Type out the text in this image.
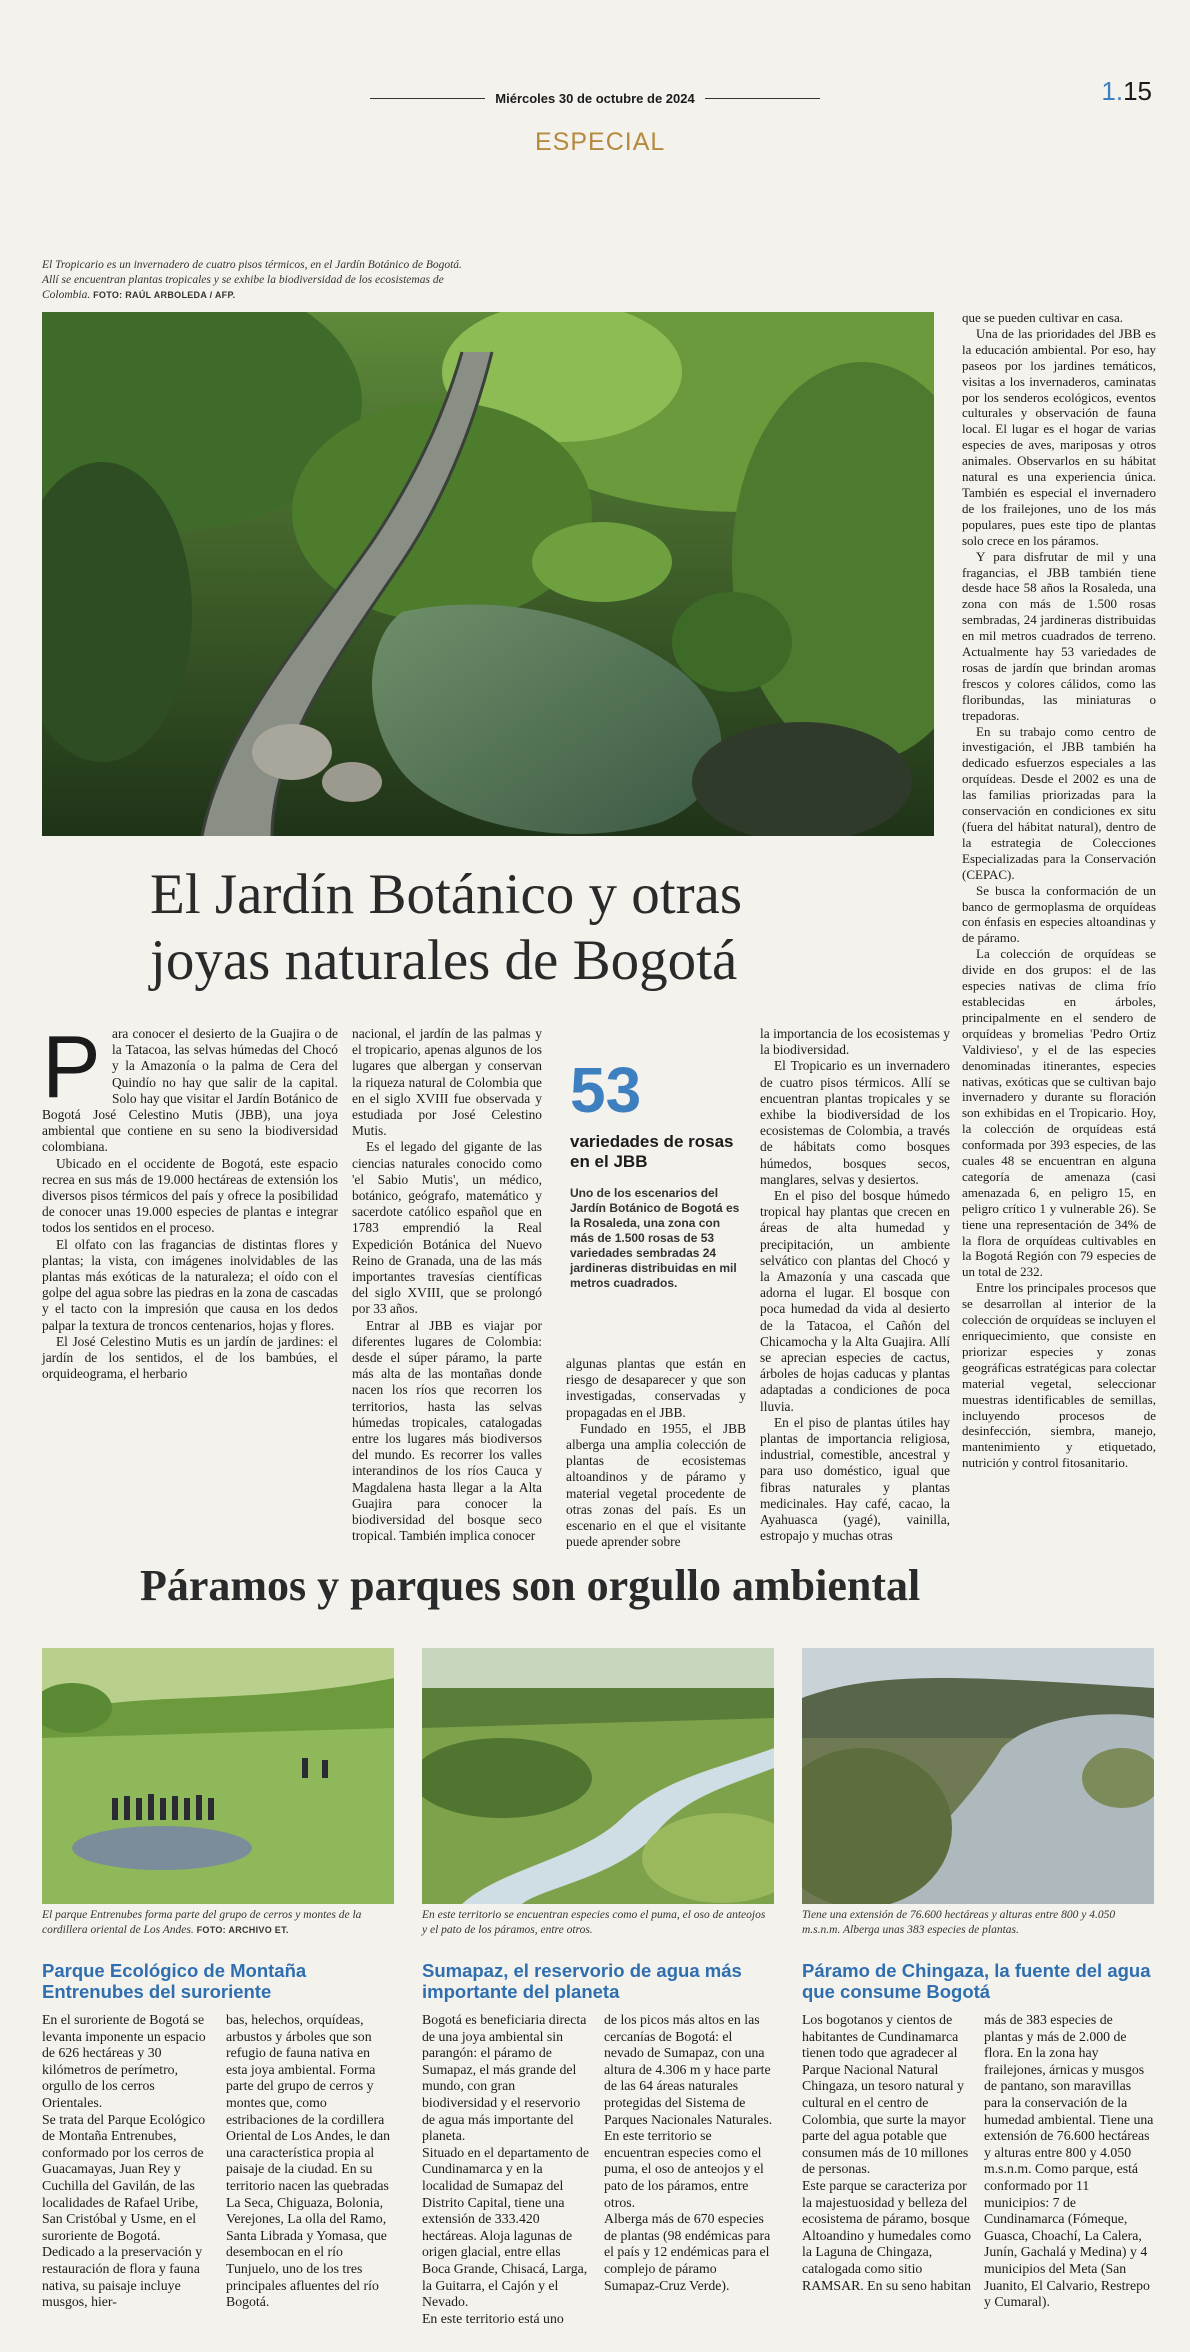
Miércoles 30 de octubre de 2024	1.15
ESPECIAL
El Tropicario es un invernadero de cuatro pisos térmicos, en el Jardín Botánico de Bogotá. Allí se encuentran plantas tropicales y se exhibe la biodiversidad de los ecosistemas de Colombia. FOTO: RAÚL ARBOLEDA / AFP.
El Jardín Botánico y otras joyas naturales de Bogotá
P ara conocer el desierto de la Guajira o de la Tatacoa, las selvas húmedas del Chocó y la Amazonía o la palma de Cera del Quindío no hay que salir de la capital. Solo hay que visitar el Jardín Botánico de Bogotá José Celestino Mutis (JBB), una joya ambiental que contiene en su seno la biodiversidad colombiana.

Ubicado en el occidente de Bogotá, este espacio recrea en sus más de 19.000 hectáreas de extensión los diversos pisos térmicos del país y ofrece la posibilidad de conocer unas 19.000 especies de plantas e integrar todos los sentidos en el proceso.

El olfato con las fragancias de distintas flores y plantas; la vista, con imágenes inolvidables de las plantas más exóticas de la naturaleza; el oído con el golpe del agua sobre las piedras en la zona de cascadas y el tacto con la impresión que causa en los dedos palpar la textura de troncos centenarios, hojas y flores.

El José Celestino Mutis es un jardín de jardines: el jardín de los sentidos, el de los bambúes, el orquideograma, el herbario

nacional, el jardín de las palmas y el tropicario, apenas algunos de los lugares que albergan y conservan la riqueza natural de Colombia que en el siglo XVIII fue observada y estudiada por José Celestino Mutis.

Es el legado del gigante de las ciencias naturales conocido como 'el Sabio Mutis', un médico, botánico, geógrafo, matemático y sacerdote católico español que en 1783 emprendió la Real Expedición Botánica del Nuevo Reino de Granada, una de las más importantes travesías científicas del siglo XVIII, que se prolongó por 33 años.

Entrar al JBB es viajar por diferentes lugares de Colombia: desde el súper páramo, la parte más alta de las montañas donde nacen los ríos que recorren los territorios, hasta las selvas húmedas tropicales, catalogadas entre los lugares más biodiversos del mundo. Es recorrer los valles interandinos de los ríos Cauca y Magdalena hasta llegar a la Alta Guajira para conocer la biodiversidad del bosque seco tropical. También implica conocer

53
variedades de rosas en el JBB
Uno de los escenarios del Jardín Botánico de Bogotá es la Rosaleda, una zona con más de 1.500 rosas de 53 variedades sembradas 24 jardineras distribuidas en mil metros cuadrados.

algunas plantas que están en riesgo de desaparecer y que son investigadas, conservadas y propagadas en el JBB.

Fundado en 1955, el JBB alberga una amplia colección de plantas de ecosistemas altoandinos y de páramo y material vegetal procedente de otras zonas del país. Es un escenario en el que el visitante puede aprender sobre

la importancia de los ecosistemas y la biodiversidad.

El Tropicario es un invernadero de cuatro pisos térmicos. Allí se encuentran plantas tropicales y se exhibe la biodiversidad de los ecosistemas de Colombia, a través de hábitats como bosques húmedos, bosques secos, manglares, selvas y desiertos.

En el piso del bosque húmedo tropical hay plantas que crecen en áreas de alta humedad y precipitación, un ambiente selvático con plantas del Chocó y la Amazonía y una cascada que adorna el lugar. El bosque con poca humedad da vida al desierto de la Tatacoa, el Cañón del Chicamocha y la Alta Guajira. Allí se aprecian especies de cactus, árboles de hojas caducas y plantas adaptadas a condiciones de poca lluvia.

En el piso de plantas útiles hay plantas de importancia religiosa, industrial, comestible, ancestral y para uso doméstico, igual que fibras naturales y plantas medicinales. Hay café, cacao, la Ayahuasca (yagé), vainilla, estropajo y muchas otras

que se pueden cultivar en casa.

Una de las prioridades del JBB es la educación ambiental. Por eso, hay paseos por los jardines temáticos, visitas a los invernaderos, caminatas por los senderos ecológicos, eventos culturales y observación de fauna local. El lugar es el hogar de varias especies de aves, mariposas y otros animales. Observarlos en su hábitat natural es una experiencia única. También es especial el invernadero de los frailejones, uno de los más populares, pues este tipo de plantas solo crece en los páramos.

Y para disfrutar de mil y una fragancias, el JBB también tiene desde hace 58 años la Rosaleda, una zona con más de 1.500 rosas sembradas, 24 jardineras distribuidas en mil metros cuadrados de terreno. Actualmente hay 53 variedades de rosas de jardín que brindan aromas frescos y colores cálidos, como las floribundas, las miniaturas o trepadoras.

En su trabajo como centro de investigación, el JBB también ha dedicado esfuerzos especiales a las orquídeas. Desde el 2002 es una de las familias priorizadas para la conservación en condiciones ex situ (fuera del hábitat natural), dentro de la estrategia de Colecciones Especializadas para la Conservación (CEPAC).

Se busca la conformación de un banco de germoplasma de orquídeas con énfasis en especies altoandinas y de páramo.

La colección de orquídeas se divide en dos grupos: el de las especies nativas de clima frío establecidas en árboles, principalmente en el sendero de orquídeas y bromelias 'Pedro Ortiz Valdivieso', y el de las especies denominadas itinerantes, especies nativas, exóticas que se cultivan bajo invernadero y durante su floración son exhibidas en el Tropicario. Hoy, la colección de orquídeas está conformada por 393 especies, de las cuales 48 se encuentran en alguna categoría de amenaza (casi amenazada 6, en peligro 15, en peligro crítico 1 y vulnerable 26). Se tiene una representación de 34% de la flora de orquídeas cultivables en la Bogotá Región con 79 especies de un total de 232.

Entre los principales procesos que se desarrollan al interior de la colección de orquídeas se incluyen el enriquecimiento, que consiste en priorizar especies y zonas geográficas estratégicas para colectar material vegetal, seleccionar muestras identificables de semillas, incluyendo procesos de desinfección, siembra, manejo, mantenimiento y etiquetado, nutrición y control fitosanitario.

Páramos y parques son orgullo ambiental
El parque Entrenubes forma parte del grupo de cerros y montes de la cordillera oriental de Los Andes. FOTO: ARCHIVO ET.
Parque Ecológico de Montaña Entrenubes del suroriente

En el suroriente de Bogotá se levanta imponente un espacio de 626 hectáreas y 30 kilómetros de perímetro, orgullo de los cerros Orientales.

Se trata del Parque Ecológico de Montaña Entrenubes, conformado por los cerros de Guacamayas, Juan Rey y Cuchilla del Gavilán, de las localidades de Rafael Uribe, San Cristóbal y Usme, en el suroriente de Bogotá.

Dedicado a la preservación y restauración de flora y fauna nativa, su paisaje incluye musgos, hier-

bas, helechos, orquídeas, arbustos y árboles que son refugio de fauna nativa en esta joya ambiental. Forma parte del grupo de cerros y montes que, como estribaciones de la cordillera Oriental de Los Andes, le dan una característica propia al paisaje de la ciudad. En su territorio nacen las quebradas La Seca, Chiguaza, Bolonia, Verejones, La olla del Ramo, Santa Librada y Yomasa, que desembocan en el río Tunjuelo, uno de los tres principales afluentes del río Bogotá.

En este territorio se encuentran especies como el puma, el oso de anteojos y el pato de los páramos, entre otros.
Sumapaz, el reservorio de agua más importante del planeta

Bogotá es beneficiaria directa de una joya ambiental sin parangón: el páramo de Sumapaz, el más grande del mundo, con gran biodiversidad y el reservorio de agua más importante del planeta.

Situado en el departamento de Cundinamarca y en la localidad de Sumapaz del Distrito Capital, tiene una extensión de 333.420 hectáreas. Aloja lagunas de origen glacial, entre ellas Boca Grande, Chisacá, Larga, la Guitarra, el Cajón y el Nevado.

En este territorio está uno

de los picos más altos en las cercanías de Bogotá: el nevado de Sumapaz, con una altura de 4.306 m y hace parte de las 64 áreas naturales protegidas del Sistema de Parques Nacionales Naturales.

En este territorio se encuentran especies como el puma, el oso de anteojos y el pato de los páramos, entre otros.

Alberga más de 670 especies de plantas (98 endémicas para el país y 12 endémicas para el complejo de páramo Sumapaz-Cruz Verde).

Tiene una extensión de 76.600 hectáreas y alturas entre 800 y 4.050 m.s.n.m. Alberga unas 383 especies de plantas.
Páramo de Chingaza, la fuente del agua que consume Bogotá

Los bogotanos y cientos de habitantes de Cundinamarca tienen todo que agradecer al Parque Nacional Natural Chingaza, un tesoro natural y cultural en el centro de Colombia, que surte la mayor parte del agua potable que consumen más de 10 millones de personas.

Este parque se caracteriza por la majestuosidad y belleza del ecosistema de páramo, bosque Altoandino y humedales como la Laguna de Chingaza, catalogada como sitio RAMSAR. En su seno habitan

más de 383 especies de plantas y más de 2.000 de flora. En la zona hay frailejones, árnicas y musgos de pantano, son maravillas para la conservación de la humedad ambiental. Tiene una extensión de 76.600 hectáreas y alturas entre 800 y 4.050 m.s.n.m. Como parque, está conformado por 11 municipios: 7 de Cundinamarca (Fómeque, Guasca, Choachí, La Calera, Junín, Gachalá y Medina) y 4 municipios del Meta (San Juanito, El Calvario, Restrepo y Cumaral).
